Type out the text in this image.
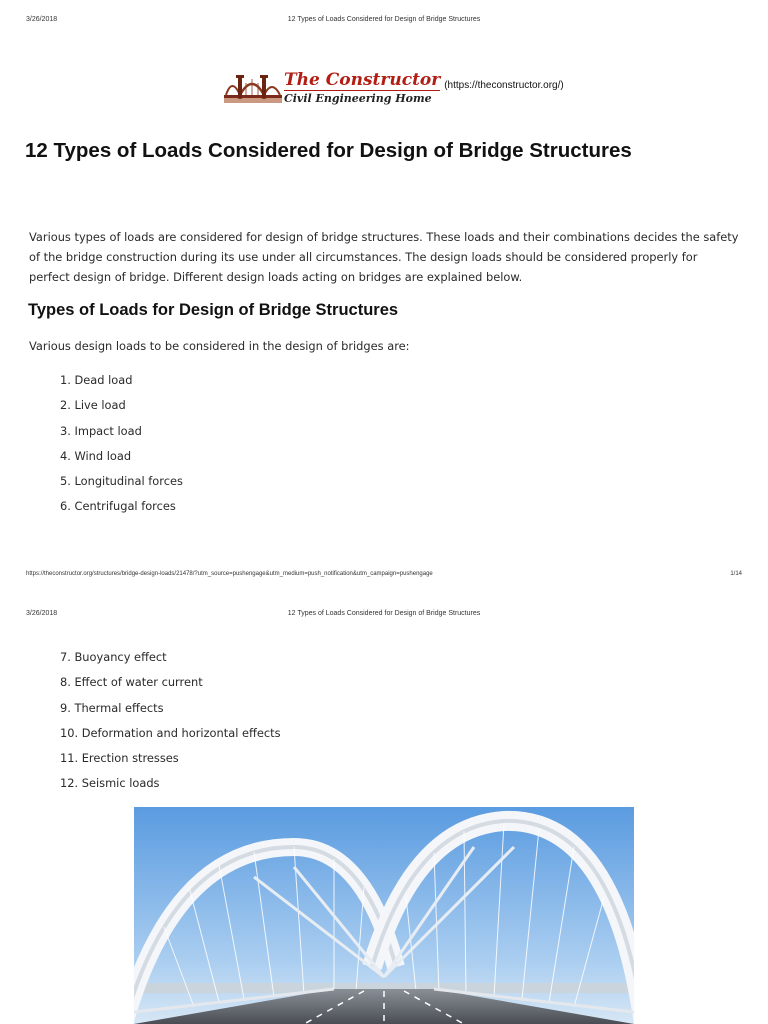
3/26/2018	12 Types of Loads Considered for Design of Bridge Structures
The Constructor
Civil Engineering Home
(https://theconstructor.org/)
12 Types of Loads Considered for Design of Bridge Structures

Various types of loads are considered for design of bridge structures. These loads and their combinations decides the safety of the bridge construction during its use under all circumstances. The design loads should be considered properly for perfect design of bridge. Different design loads acting on bridges are explained below.

Types of Loads for Design of Bridge Structures

Various design loads to be considered in the design of bridges are:

1. Dead load
2. Live load
3. Impact load
4. Wind load
5. Longitudinal forces
6. Centrifugal forces
https://theconstructor.org/structures/bridge-design-loads/21478/?utm_source=pushengage&utm_medium=push_notification&utm_campaign=pushengage	1/14
3/26/2018	12 Types of Loads Considered for Design of Bridge Structures
7. Buoyancy effect
8. Effect of water current
9. Thermal effects
10. Deformation and horizontal effects
11. Erection stresses
12. Seismic loads
